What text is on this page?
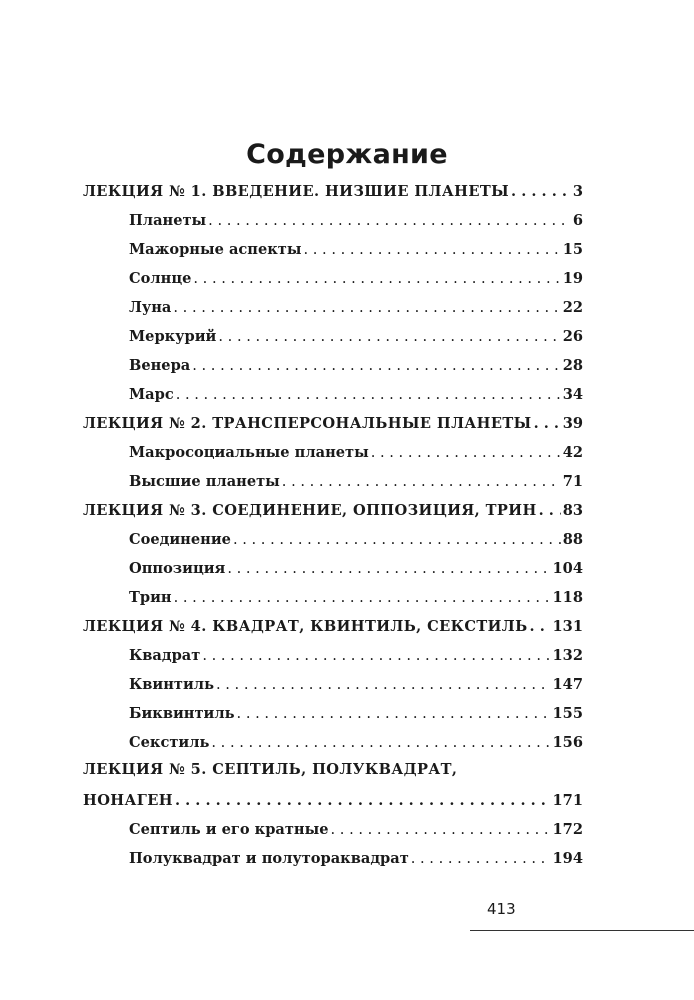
Содержание
ЛЕКЦИЯ № 1. ВВЕДЕНИЕ. НИЗШИЕ ПЛАНЕТЫ . . .	3
Планеты . . .	6
Мажорные аспекты . . .	15
Солнце . . .	19
Луна . . .	22
Меркурий . . .	26
Венера . . .	28
Марс . . .	34
ЛЕКЦИЯ № 2. ТРАНСПЕРСОНАЛЬНЫЕ ПЛАНЕТЫ . . . 39
Макросоциальные планеты . . .	42
Высшие планеты . . .	71
ЛЕКЦИЯ № 3. СОЕДИНЕНИЕ, ОППОЗИЦИЯ, ТРИН . . . 83
Соединение . . .	88
Оппозиция . . .	104
Трин . . .	118
ЛЕКЦИЯ № 4. КВАДРАТ, КВИНТИЛЬ, СЕКСТИЛЬ . . . 131
Квадрат . . .	132
Квинтиль . . .	147
Биквинтиль . . .	155
Секстиль . . .	156
ЛЕКЦИЯ № 5. СЕПТИЛЬ, ПОЛУКВАДРАТ,
НОНАГЕН . . .	171
Септиль и его кратные . . .	172
Полуквадрат и полутораквадрат . . .	194
413
